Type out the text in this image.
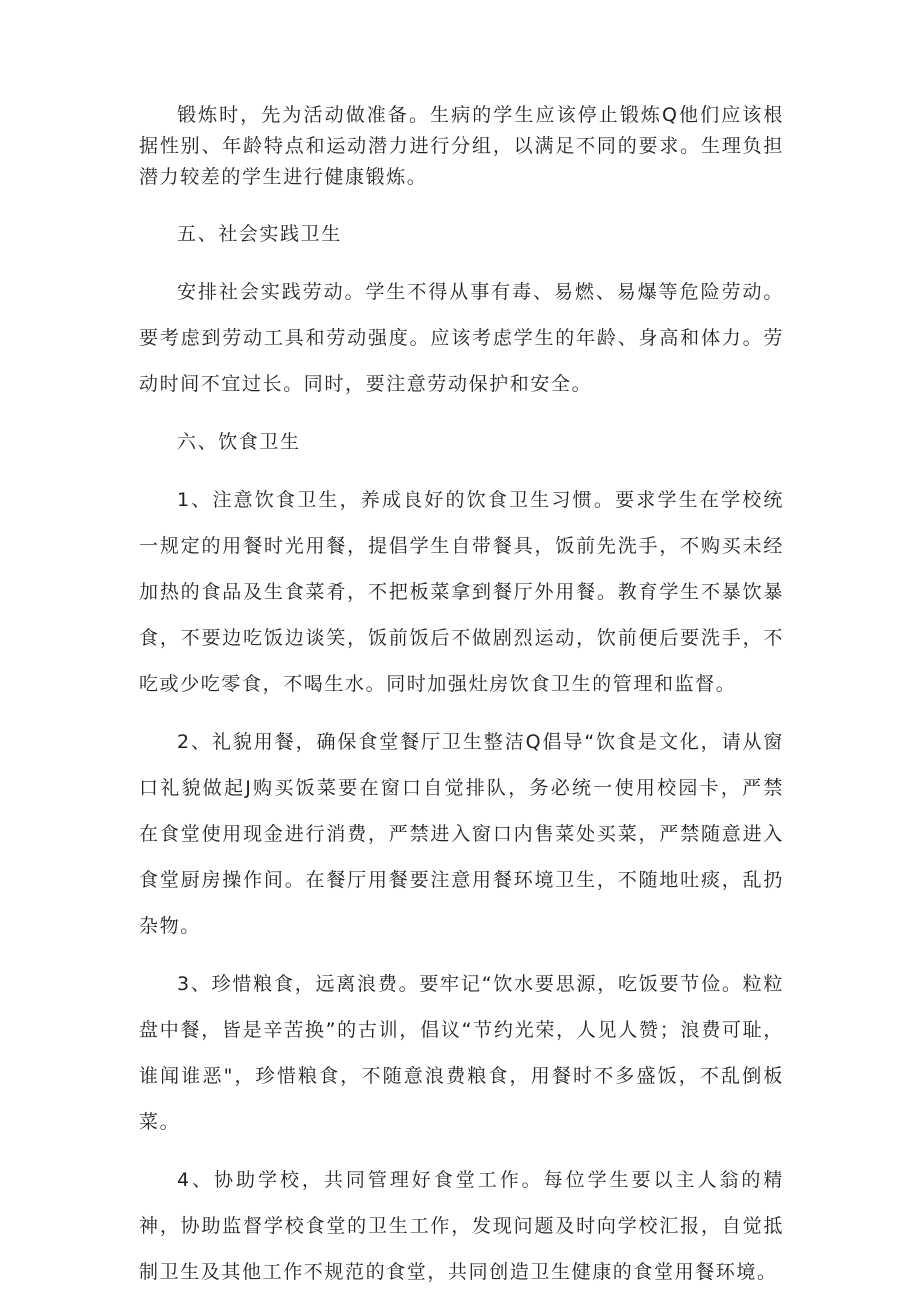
锻炼时，先为活动做准备。生病的学生应该停止锻炼Q他们应该根据性别、年龄特点和运动潜力进行分组，以满足不同的要求。生理负担潜力较差的学生进行健康锻炼。

五、社会实践卫生

安排社会实践劳动。学生不得从事有毒、易燃、易爆等危险劳动。要考虑到劳动工具和劳动强度。应该考虑学生的年龄、身高和体力。劳动时间不宜过长。同时，要注意劳动保护和安全。

六、饮食卫生

1、注意饮食卫生，养成良好的饮食卫生习惯。要求学生在学校统一规定的用餐时光用餐，提倡学生自带餐具，饭前先洗手，不购买未经加热的食品及生食菜肴，不把板菜拿到餐厅外用餐。教育学生不暴饮暴食，不要边吃饭边谈笑，饭前饭后不做剧烈运动，饮前便后要洗手，不吃或少吃零食，不喝生水。同时加强灶房饮食卫生的管理和监督。

2、礼貌用餐，确保食堂餐厅卫生整洁Q倡导“饮食是文化，请从窗口礼貌做起J购买饭菜要在窗口自觉排队，务必统一使用校园卡，严禁在食堂使用现金进行消费，严禁进入窗口内售菜处买菜，严禁随意进入食堂厨房操作间。在餐厅用餐要注意用餐环境卫生，不随地吐痰，乱扔杂物。

3、珍惜粮食，远离浪费。要牢记“饮水要思源，吃饭要节俭。粒粒盘中餐，皆是辛苦换”的古训，倡议“节约光荣，人见人赞；浪费可耻，谁闻谁恶"，珍惜粮食，不随意浪费粮食，用餐时不多盛饭，不乱倒板菜。

4、协助学校，共同管理好食堂工作。每位学生要以主人翁的精神，协助监督学校食堂的卫生工作，发现问题及时向学校汇报，自觉抵制卫生及其他工作不规范的食堂，共同创造卫生健康的食堂用餐环境。
